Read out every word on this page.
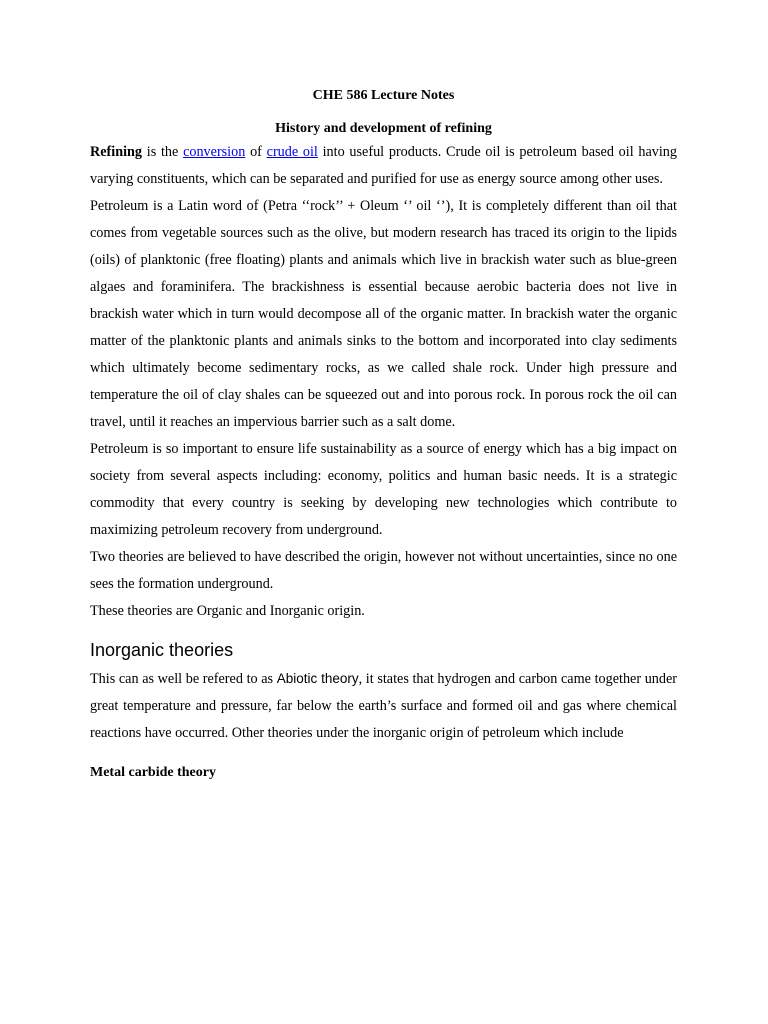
CHE 586 Lecture Notes

History and development of refining

Refining is the conversion of crude oil into useful products. Crude oil is petroleum based oil having varying constituents, which can be separated and purified for use as energy source among other uses.

Petroleum is a Latin word of (Petra ‘‘rock’’ + Oleum ‘’ oil ‘’), It is completely different than oil that comes from vegetable sources such as the olive, but modern research has traced its origin to the lipids (oils) of planktonic (free floating) plants and animals which live in brackish water such as blue-green algaes and foraminifera. The brackishness is essential because aerobic bacteria does not live in brackish water which in turn would decompose all of the organic matter. In brackish water the organic matter of the planktonic plants and animals sinks to the bottom and incorporated into clay sediments which ultimately become sedimentary rocks, as we called shale rock. Under high pressure and temperature the oil of clay shales can be squeezed out and into porous rock. In porous rock the oil can travel, until it reaches an impervious barrier such as a salt dome.

Petroleum is so important to ensure life sustainability as a source of energy which has a big impact on society from several aspects including: economy, politics and human basic needs. It is a strategic commodity that every country is seeking by developing new technologies which contribute to maximizing petroleum recovery from underground.

Two theories are believed to have described the origin, however not without uncertainties, since no one sees the formation underground.

These theories are Organic and Inorganic origin.

Inorganic theories

This can as well be refered to as Abiotic theory, it states that hydrogen and carbon came together under great temperature and pressure, far below the earth’s surface and formed oil and gas where chemical reactions have occurred. Other theories under the inorganic origin of petroleum which include

Metal carbide theory
